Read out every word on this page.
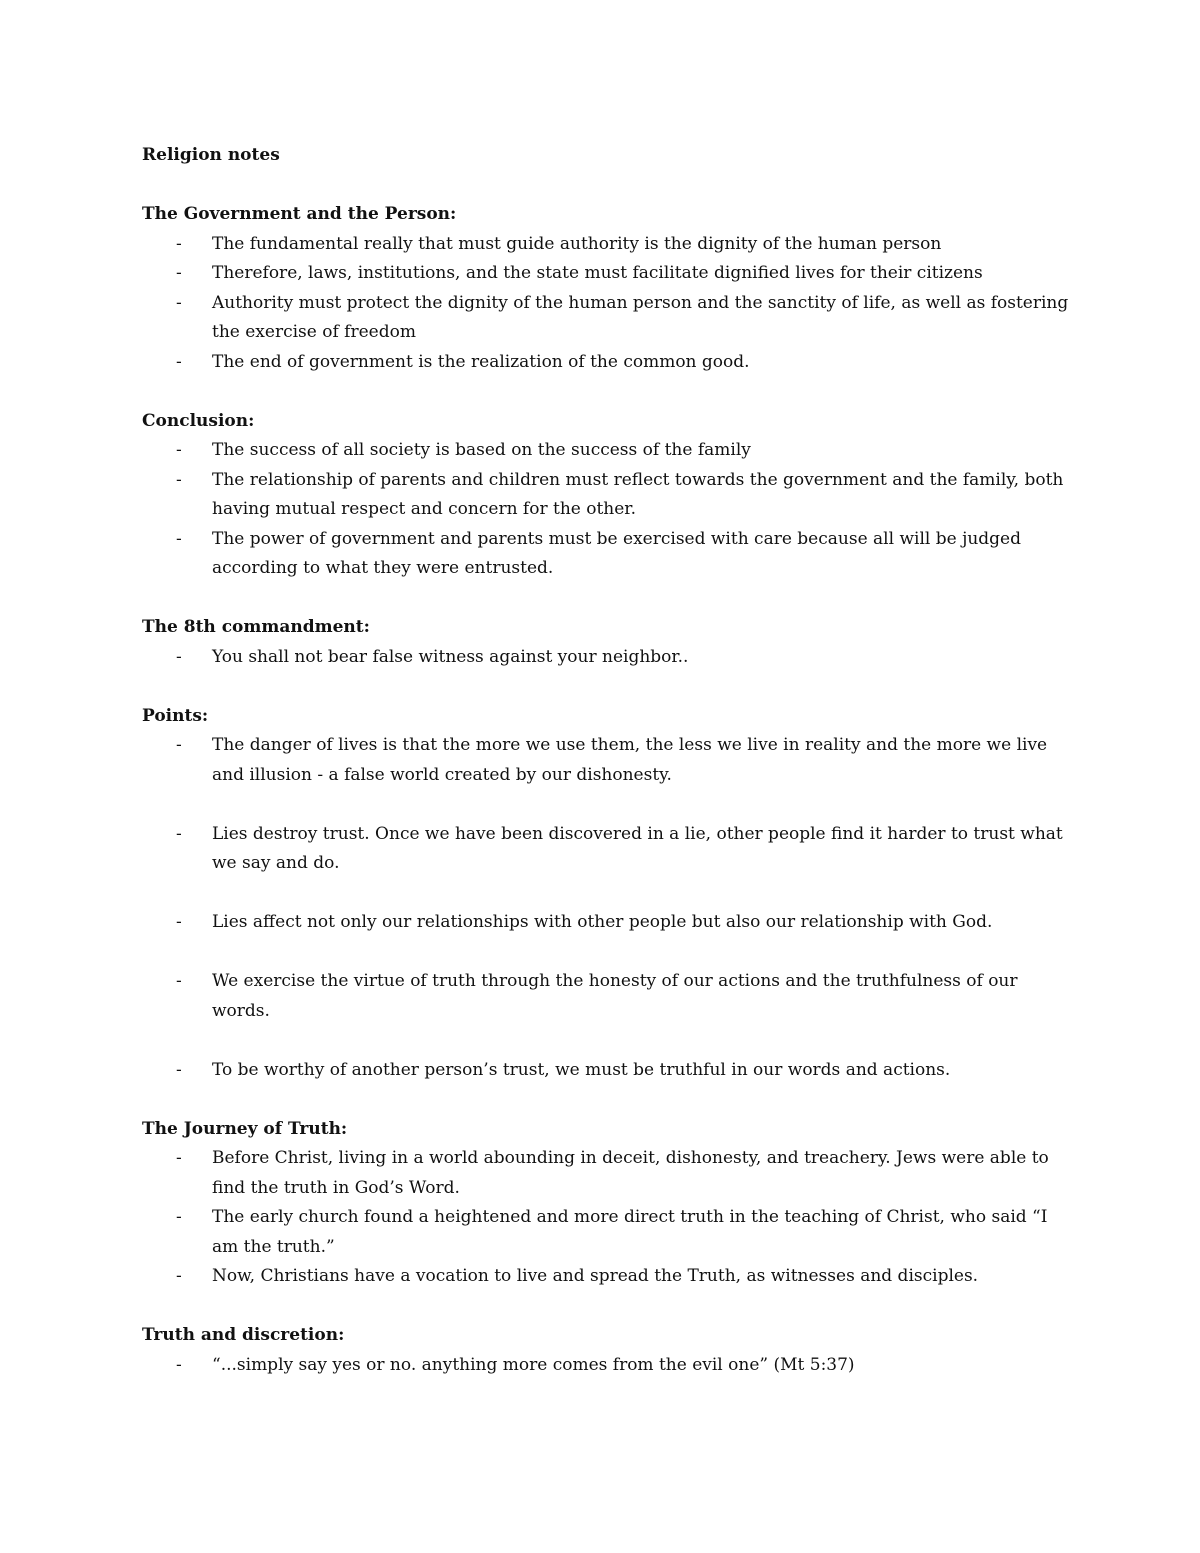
Religion notes

The Government and the Person:

- The fundamental really that must guide authority is the dignity of the human person
- Therefore, laws, institutions, and the state must facilitate dignified lives for their citizens
- Authority must protect the dignity of the human person and the sanctity of life, as well as fostering the exercise of freedom
- The end of government is the realization of the common good.

Conclusion:

- The success of all society is based on the success of the family
- The relationship of parents and children must reflect towards the government and the family, both having mutual respect and concern for the other.
- The power of government and parents must be exercised with care because all will be judged according to what they were entrusted.

The 8th commandment:

- You shall not bear false witness against your neighbor..

Points:

- The danger of lives is that the more we use them, the less we live in reality and the more we live and illusion - a false world created by our dishonesty.
- Lies destroy trust. Once we have been discovered in a lie, other people find it harder to trust what we say and do.
- Lies affect not only our relationships with other people but also our relationship with God.
- We exercise the virtue of truth through the honesty of our actions and the truthfulness of our words.
- To be worthy of another person’s trust, we must be truthful in our words and actions.

The Journey of Truth:

- Before Christ, living in a world abounding in deceit, dishonesty, and treachery. Jews were able to find the truth in God’s Word.
- The early church found a heightened and more direct truth in the teaching of Christ, who said “I am the truth.”
- Now, Christians have a vocation to live and spread the Truth, as witnesses and disciples.

Truth and discretion:

- “...simply say yes or no. anything more comes from the evil one” (Mt 5:37)
